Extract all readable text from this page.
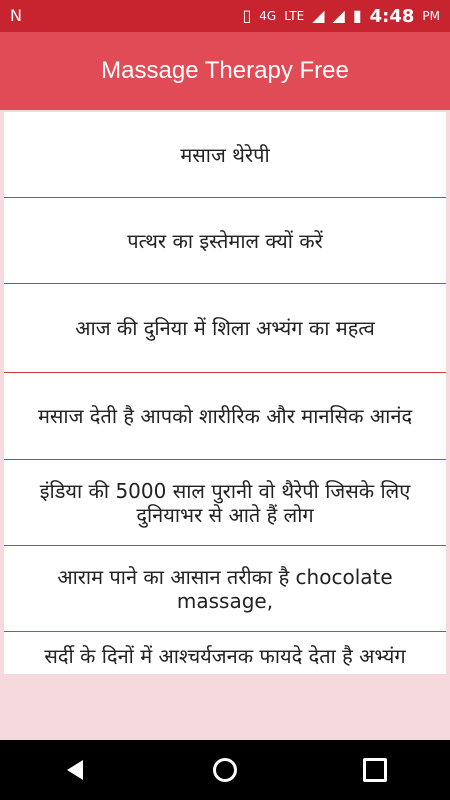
N	▯ 4G LTE ◢ ◢ ▮ 4:48 PM
Massage Therapy Free
मसाज थेरेपी
पत्थर का इस्तेमाल क्यों करें
आज की दुनिया में शिला अभ्यंग का महत्व
मसाज देती है आपको शारीरिक और मानसिक आनंद
इंडिया की 5000 साल पुरानी वो थैरेपी जिसके लिए दुनियाभर से आते हैं लोग
आराम पाने का आसान तरीका है chocolate massage,
सर्दी के दिनों में आश्चर्यजनक फायदे देता है अभ्यंग
